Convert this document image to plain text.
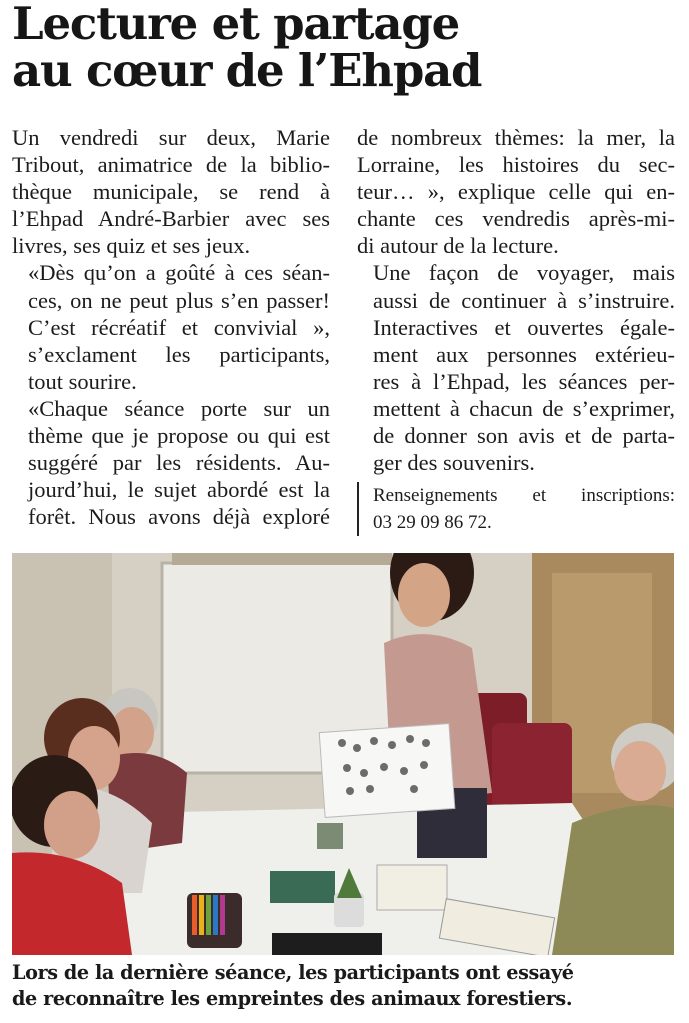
Lecture et partage
au cœur de l’Ehpad

Un vendredi sur deux, Marie
Tribout, animatrice de la biblio-
thèque municipale, se rend à
l’Ehpad André-Barbier avec ses
livres, ses quiz et ses jeux.

«Dès qu’on a goûté à ces séan-
ces, on ne peut plus s’en passer!
C’est récréatif et convivial »,
s’exclament les participants,
tout sourire.

«Chaque séance porte sur un
thème que je propose ou qui est
suggéré par les résidents. Au-
jourd’hui, le sujet abordé est la
forêt. Nous avons déjà exploré

de nombreux thèmes: la mer, la
Lorraine, les histoires du sec-
teur… », explique celle qui en-
chante ces vendredis après-mi-
di autour de la lecture.

Une façon de voyager, mais
aussi de continuer à s’instruire.
Interactives et ouvertes égale-
ment aux personnes extérieu-
res à l’Ehpad, les séances per-
mettent à chacun de s’exprimer,
de donner son avis et de parta-
ger des souvenirs.

Renseignements et inscriptions:
03 29 09 86 72.
Lors de la dernière séance, les participants ont essayé
de reconnaître les empreintes des animaux forestiers.
